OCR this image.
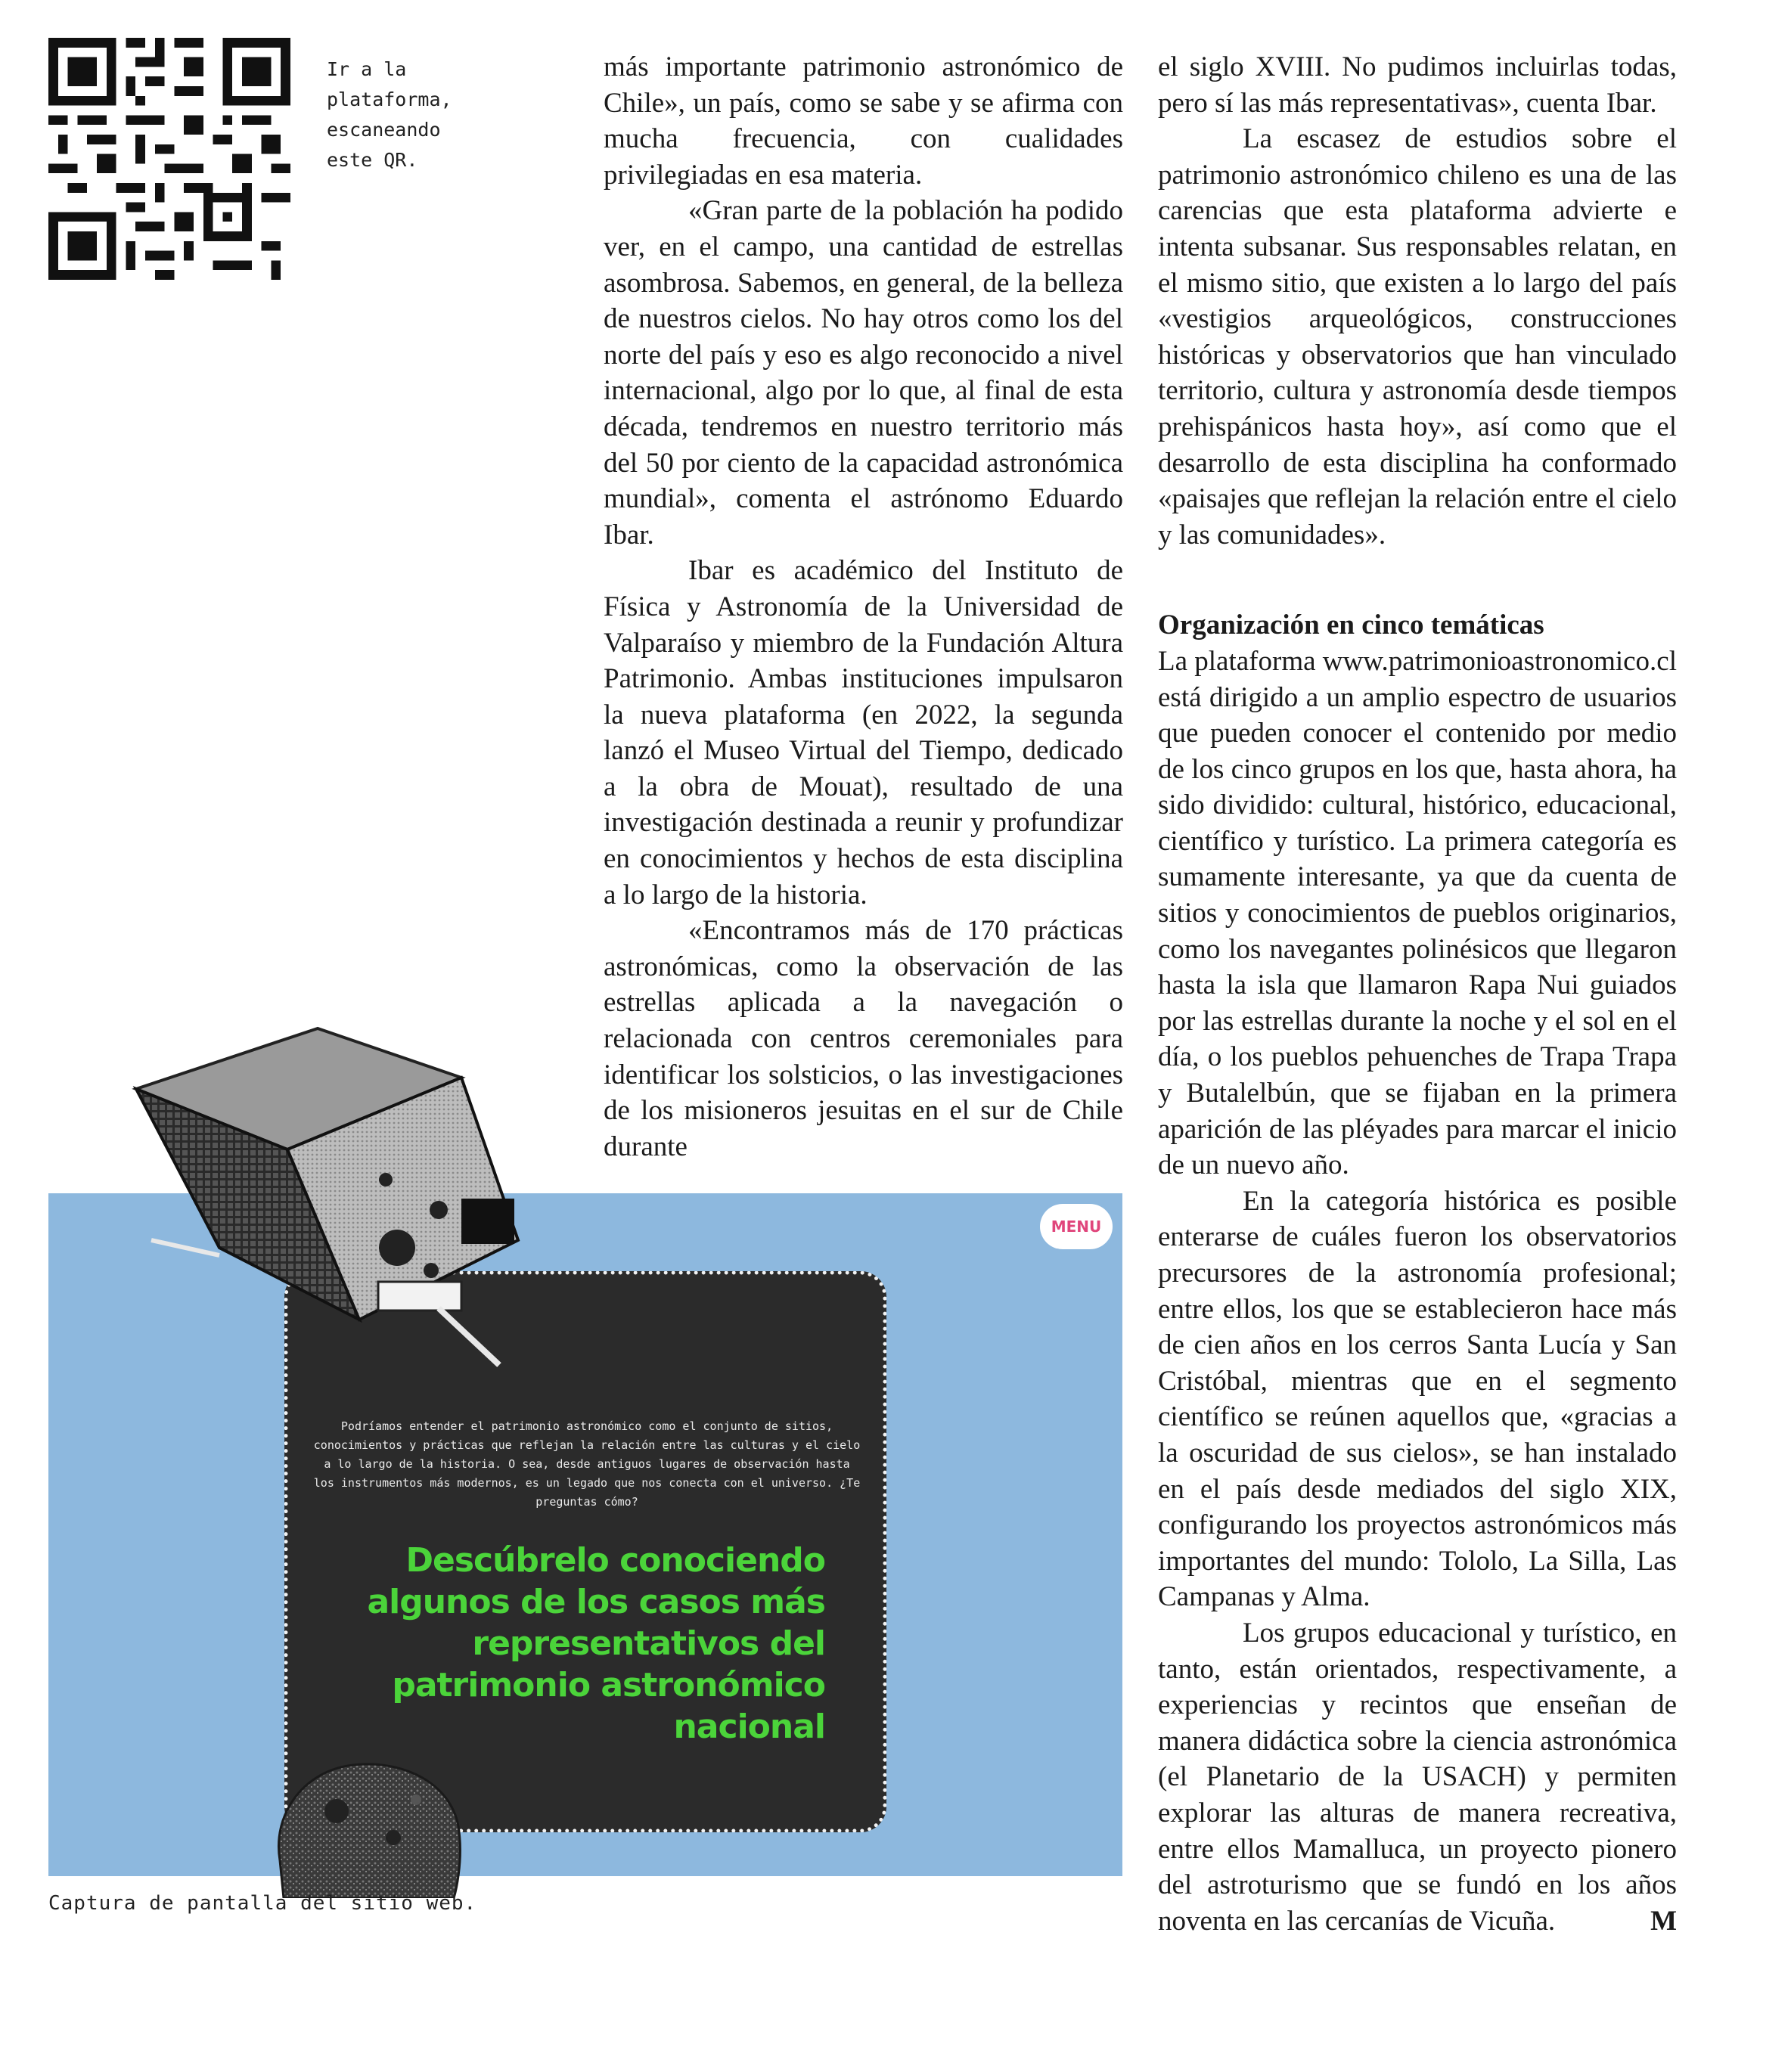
Ir a la plataforma, escaneando este QR.

más importante patrimonio astronómico de Chile», un país, como se sabe y se afirma con mucha frecuencia, con cualidades privilegiadas en esa materia.

«Gran parte de la población ha podido ver, en el campo, una cantidad de estrellas asombrosa. Sabemos, en general, de la belleza de nuestros cielos. No hay otros como los del norte del país y eso es algo reconocido a nivel internacional, algo por lo que, al final de esta década, tendremos en nuestro territorio más del 50 por ciento de la capacidad astronómica mundial», comenta el astrónomo Eduardo Ibar.

Ibar es académico del Instituto de Física y Astronomía de la Universidad de Valparaíso y miembro de la Fundación Altura Patrimonio. Ambas instituciones impulsaron la nueva plataforma (en 2022, la segunda lanzó el Museo Virtual del Tiempo, dedicado a la obra de Mouat), resultado de una investigación destinada a reunir y profundizar en conocimientos y hechos de esta disciplina a lo largo de la historia.

«Encontramos más de 170 prácticas astronómicas, como la observación de las estrellas aplicada a la navegación o relacionada con centros ceremoniales para identificar los solsticios, o las investigaciones de los misioneros jesuitas en el sur de Chile durante

el siglo XVIII. No pudimos incluirlas todas, pero sí las más representativas», cuenta Ibar.

La escasez de estudios sobre el patrimonio astronómico chileno es una de las carencias que esta plataforma advierte e intenta subsanar. Sus responsables relatan, en el mismo sitio, que existen a lo largo del país «vestigios arqueológicos, construcciones históricas y observatorios que han vinculado territorio, cultura y astronomía desde tiempos prehispánicos hasta hoy», así como que el desarrollo de esta disciplina ha conformado «paisajes que reflejan la relación entre el cielo y las comunidades».

Organización en cinco temáticas

La plataforma www.patrimonioastronomico.cl está dirigido a un amplio espectro de usuarios que pueden conocer el contenido por medio de los cinco grupos en los que, hasta ahora, ha sido dividido: cultural, histórico, educacional, científico y turístico. La primera categoría es sumamente interesante, ya que da cuenta de sitios y conocimientos de pueblos originarios, como los navegantes polinésicos que llegaron hasta la isla que llamaron Rapa Nui guiados por las estrellas durante la noche y el sol en el día, o los pueblos pehuenches de Trapa Trapa y Butalelbún, que se fijaban en la primera aparición de las pléyades para marcar el inicio de un nuevo año.

En la categoría histórica es posible enterarse de cuáles fueron los observatorios precursores de la astronomía profesional; entre ellos, los que se establecieron hace más de cien años en los cerros Santa Lucía y San Cristóbal, mientras que en el segmento científico se reúnen aquellos que, «gracias a la oscuridad de sus cielos», se han instalado en el país desde mediados del siglo XIX, configurando los proyectos astronómicos más importantes del mundo: Tololo, La Silla, Las Campanas y Alma.

Los grupos educacional y turístico, en tanto, están orientados, respectivamente, a experiencias y recintos que enseñan de manera didáctica sobre la ciencia astronómica (el Planetario de la USACH) y permiten explorar las alturas de manera recreativa, entre ellos Mamalluca, un proyecto pionero del astroturismo que se fundó en los años noventa en las cercanías de Vicuña.	M

MENU
Podríamos entender el patrimonio astronómico como el conjunto de sitios, conocimientos y prácticas que reflejan la relación entre las culturas y el cielo a lo largo de la historia. O sea, desde antiguos lugares de observación hasta los instrumentos más modernos, es un legado que nos conecta con el universo. ¿Te preguntas cómo?
Descúbrelo conociendo algunos de los casos más representativos del patrimonio astronómico nacional
Captura de pantalla del sitio web.
